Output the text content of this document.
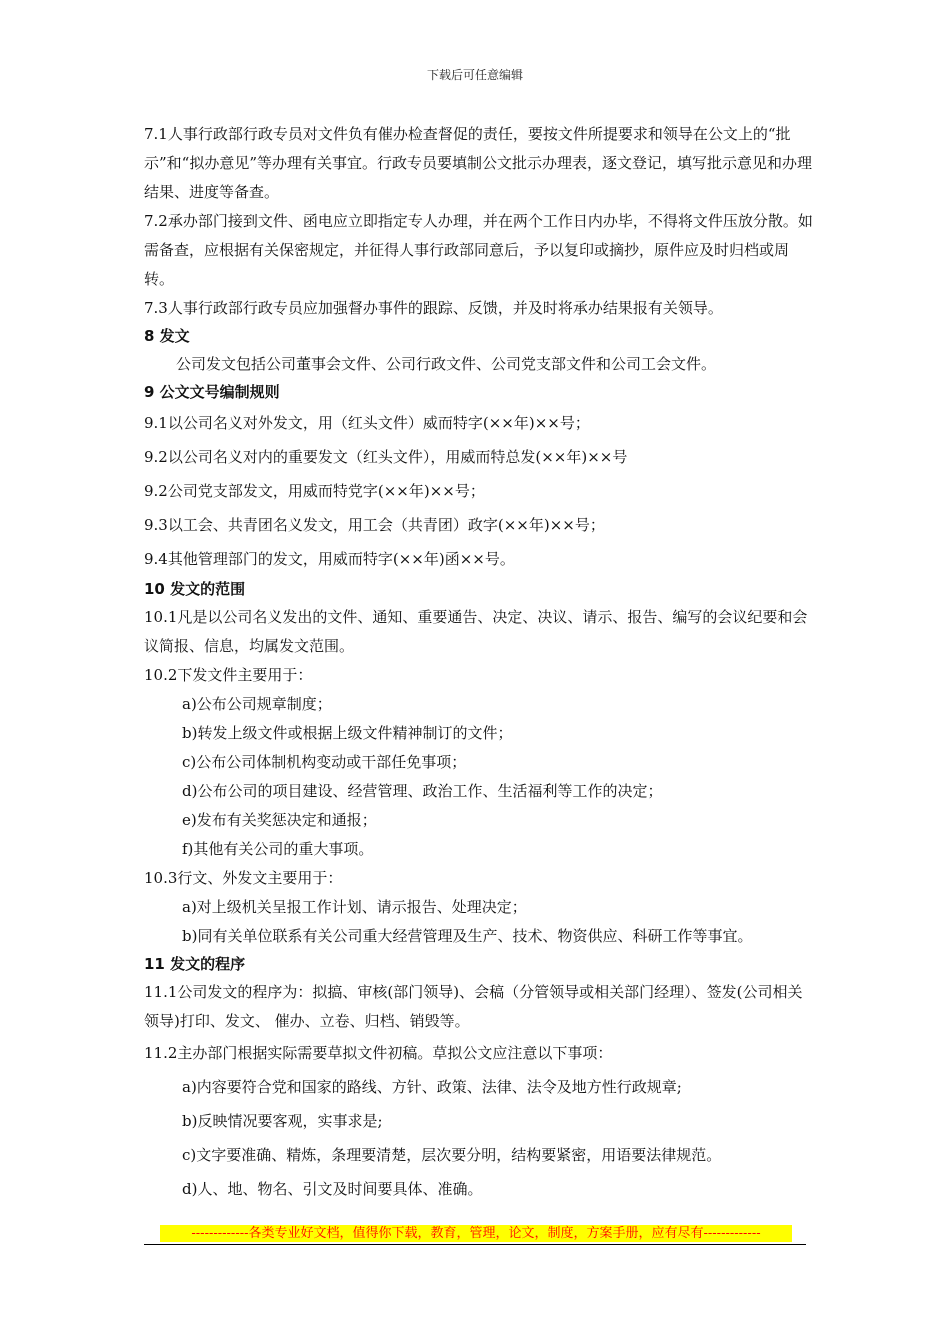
下载后可任意编辑

7.1人事行政部行政专员对文件负有催办检查督促的责任，要按文件所提要求和领导在公文上的“批示”和“拟办意见”等办理有关事宜。行政专员要填制公文批示办理表，逐文登记，填写批示意见和办理结果、进度等备查。

7.2承办部门接到文件、函电应立即指定专人办理，并在两个工作日内办毕，不得将文件压放分散。如需备查，应根据有关保密规定，并征得人事行政部同意后，予以复印或摘抄，原件应及时归档或周转。

7.3人事行政部行政专员应加强督办事件的跟踪、反馈，并及时将承办结果报有关领导。

8 发文

公司发文包括公司董事会文件、公司行政文件、公司党支部文件和公司工会文件。

9 公文文号编制规则

9.1以公司名义对外发文，用（红头文件）威而特字(××年)××号；

9.2以公司名义对内的重要发文（红头文件），用威而特总发(××年)××号

9.2公司党支部发文，用威而特党字(××年)××号；

9.3以工会、共青团名义发文，用工会（共青团）政字(××年)××号；

9.4其他管理部门的发文，用威而特字(××年)函××号。

10 发文的范围

10.1凡是以公司名义发出的文件、通知、重要通告、决定、决议、请示、报告、编写的会议纪要和会议简报、信息，均属发文范围。

10.2下发文件主要用于：

a)公布公司规章制度；

b)转发上级文件或根据上级文件精神制订的文件；

c)公布公司体制机构变动或干部任免事项；

d)公布公司的项目建设、经营管理、政治工作、生活福利等工作的决定；

e)发布有关奖惩决定和通报；

f)其他有关公司的重大事项。

10.3行文、外发文主要用于：

a)对上级机关呈报工作计划、请示报告、处理决定；

b)同有关单位联系有关公司重大经营管理及生产、技术、物资供应、科研工作等事宜。

11 发文的程序

11.1公司发文的程序为：拟搞、审核(部门领导)、会稿（分管领导或相关部门经理）、签发(公司相关领导)打印、发文、 催办、立卷、归档、销毁等。

11.2主办部门根据实际需要草拟文件初稿。草拟公文应注意以下事项：

a)内容要符合党和国家的路线、方针、政策、法律、法令及地方性行政规章;

b)反映情况要客观，实事求是;

c)文字要准确、精炼，条理要清楚，层次要分明，结构要紧密，用语要法律规范。

d)人、地、物名、引文及时间要具体、准确。

-------------各类专业好文档，值得你下载，教育，管理，论文，制度，方案手册，应有尽有-------------
